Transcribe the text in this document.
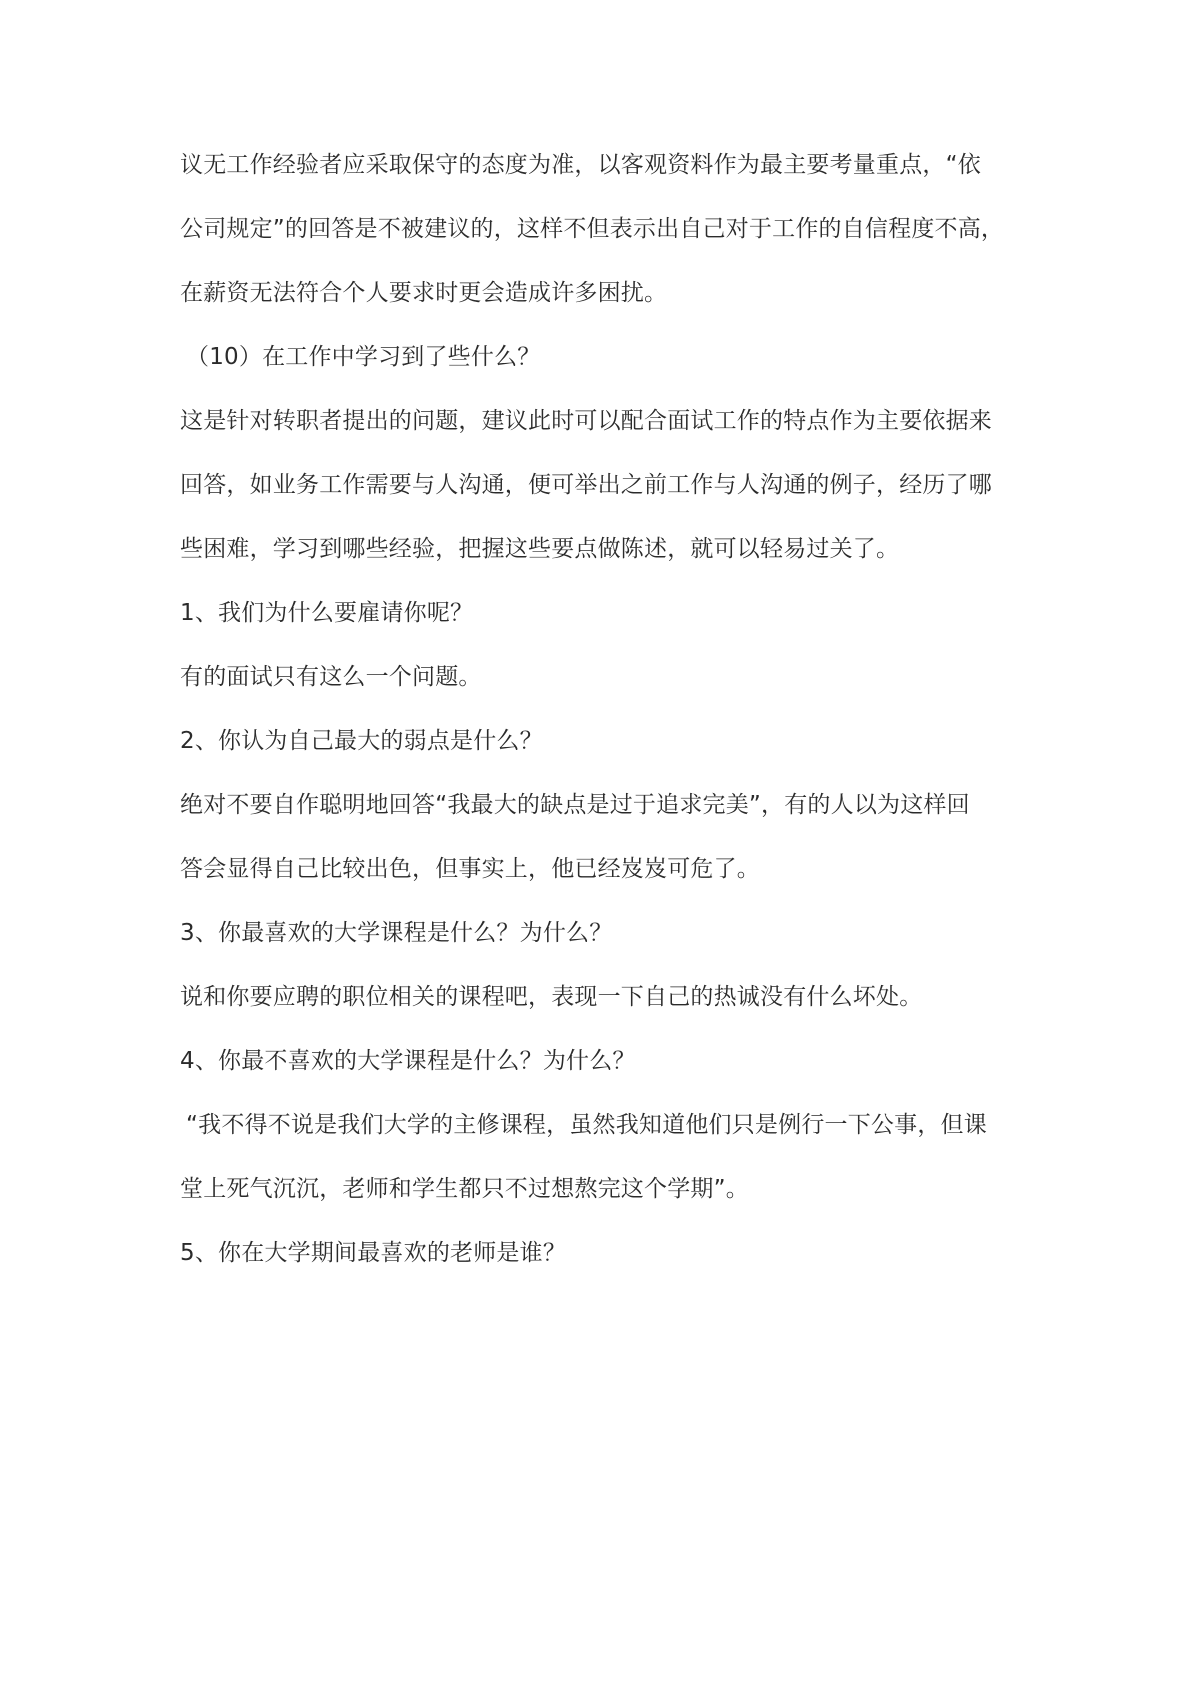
议无工作经验者应采取保守的态度为准，以客观资料作为最主要考量重点，“依
公司规定”的回答是不被建议的，这样不但表示出自己对于工作的自信程度不高，
在薪资无法符合个人要求时更会造成许多困扰。
（10）在工作中学习到了些什么？
这是针对转职者提出的问题，建议此时可以配合面试工作的特点作为主要依据来
回答，如业务工作需要与人沟通，便可举出之前工作与人沟通的例子，经历了哪
些困难，学习到哪些经验，把握这些要点做陈述，就可以轻易过关了。
1、我们为什么要雇请你呢？
有的面试只有这么一个问题。
2、你认为自己最大的弱点是什么？
绝对不要自作聪明地回答“我最大的缺点是过于追求完美”，有的人以为这样回
答会显得自己比较出色，但事实上，他已经岌岌可危了。
3、你最喜欢的大学课程是什么？为什么？
说和你要应聘的职位相关的课程吧，表现一下自己的热诚没有什么坏处。
4、你最不喜欢的大学课程是什么？为什么？
“我不得不说是我们大学的主修课程，虽然我知道他们只是例行一下公事，但课
堂上死气沉沉，老师和学生都只不过想熬完这个学期”。
5、你在大学期间最喜欢的老师是谁？
